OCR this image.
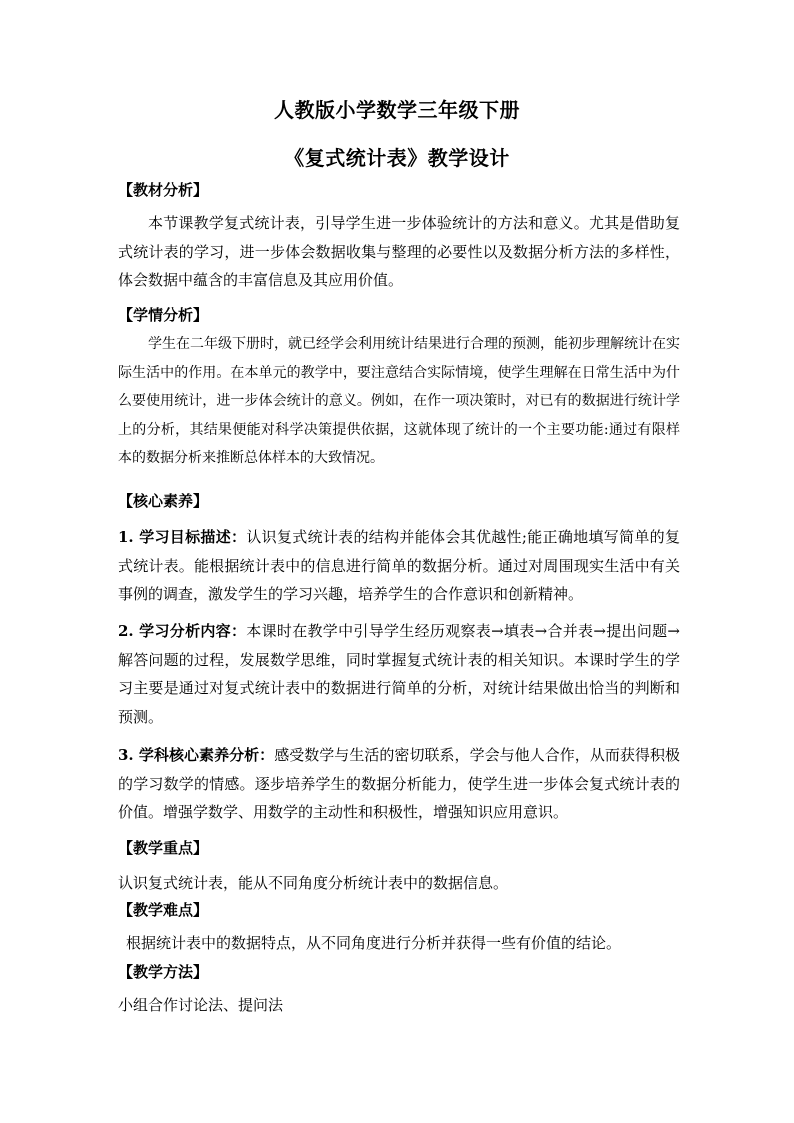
人教版小学数学三年级下册
《复式统计表》教学设计
【教材分析】
本节课教学复式统计表，引导学生进一步体验统计的方法和意义。尤其是借助复式统计表的学习，进一步体会数据收集与整理的必要性以及数据分析方法的多样性，体会数据中蕴含的丰富信息及其应用价值。
【学情分析】
学生在二年级下册时，就已经学会利用统计结果进行合理的预测，能初步理解统计在实际生活中的作用。在本单元的教学中，要注意结合实际情境，使学生理解在日常生活中为什么要使用统计，进一步体会统计的意义。例如，在作一项决策时，对已有的数据进行统计学上的分析，其结果便能对科学决策提供依据，这就体现了统计的一个主要功能:通过有限样本的数据分析来推断总体样本的大致情况。
【核心素养】
1. 学习目标描述：认识复式统计表的结构并能体会其优越性;能正确地填写简单的复式统计表。能根据统计表中的信息进行简单的数据分析。通过对周围现实生活中有关事例的调查，激发学生的学习兴趣，培养学生的合作意识和创新精神。
2. 学习分析内容：本课时在教学中引导学生经历观察表→填表→合并表→提出问题→解答问题的过程，发展数学思维，同时掌握复式统计表的相关知识。本课时学生的学习主要是通过对复式统计表中的数据进行简单的分析，对统计结果做出恰当的判断和预测。
3. 学科核心素养分析：感受数学与生活的密切联系，学会与他人合作，从而获得积极的学习数学的情感。逐步培养学生的数据分析能力，使学生进一步体会复式统计表的价值。增强学数学、用数学的主动性和积极性，增强知识应用意识。
【教学重点】
认识复式统计表，能从不同角度分析统计表中的数据信息。
【教学难点】
根据统计表中的数据特点，从不同角度进行分析并获得一些有价值的结论。
【教学方法】
小组合作讨论法、提问法
